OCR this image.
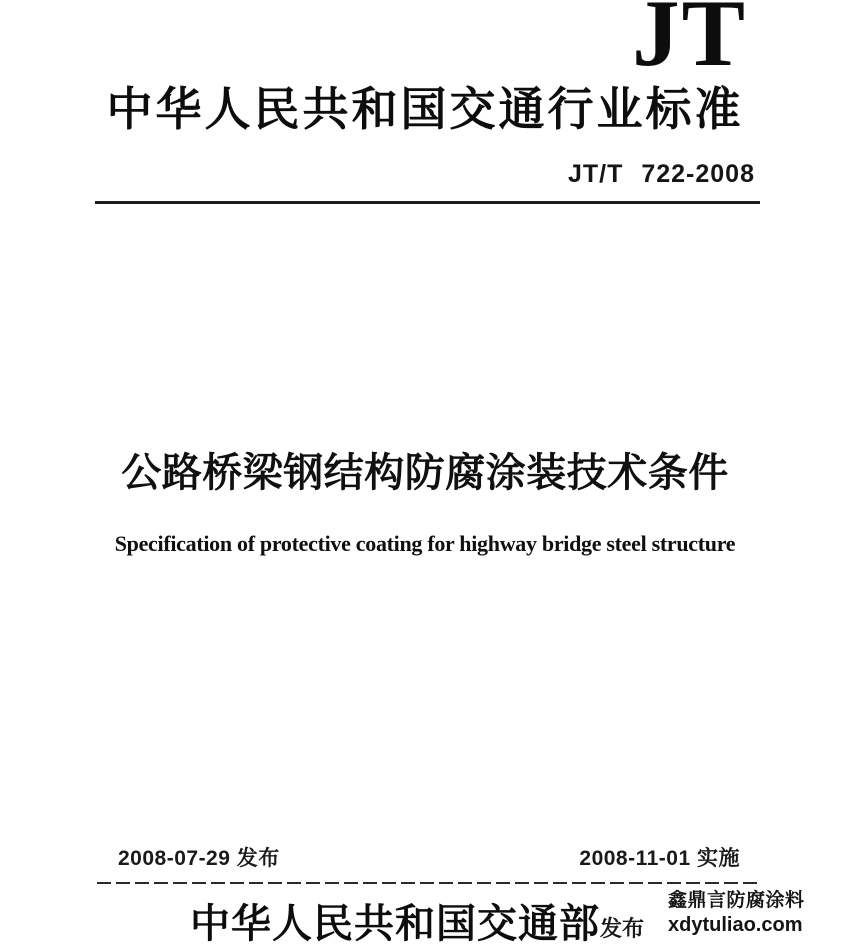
JT
中华人民共和国交通行业标准
JT/T 722-2008
公路桥梁钢结构防腐涂装技术条件
Specification of protective coating for highway bridge steel structure
2008-07-29 发布	2008-11-01 实施
中华人民共和国交通部 发布
鑫鼎言防腐涂料
xdytuliao.com
